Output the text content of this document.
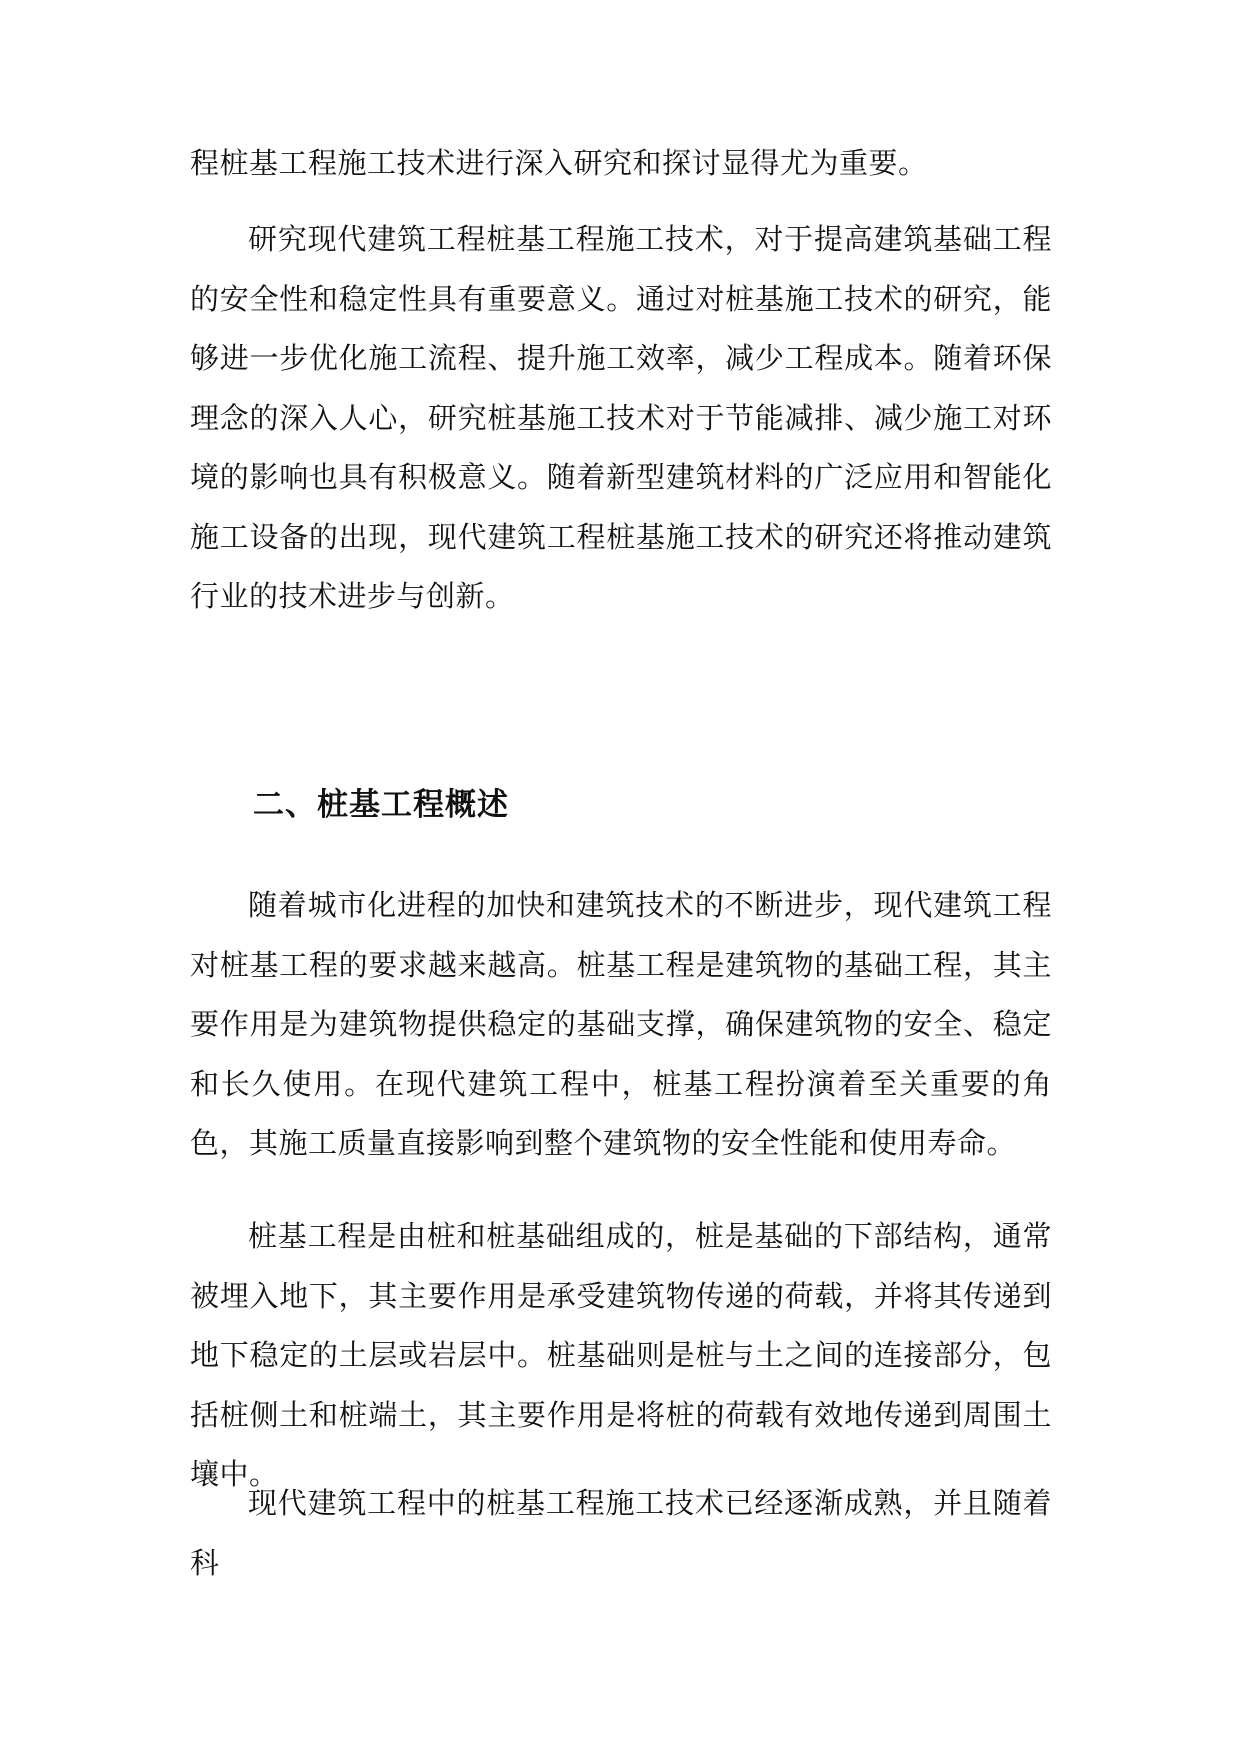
程桩基工程施工技术进行深入研究和探讨显得尤为重要。

研究现代建筑工程桩基工程施工技术，对于提高建筑基础工程的安全性和稳定性具有重要意义。通过对桩基施工技术的研究，能够进一步优化施工流程、提升施工效率，减少工程成本。随着环保理念的深入人心，研究桩基施工技术对于节能减排、减少施工对环境的影响也具有积极意义。随着新型建筑材料的广泛应用和智能化施工设备的出现，现代建筑工程桩基施工技术的研究还将推动建筑行业的技术进步与创新。

二、桩基工程概述

随着城市化进程的加快和建筑技术的不断进步，现代建筑工程对桩基工程的要求越来越高。桩基工程是建筑物的基础工程，其主要作用是为建筑物提供稳定的基础支撑，确保建筑物的安全、稳定和长久使用。在现代建筑工程中，桩基工程扮演着至关重要的角色，其施工质量直接影响到整个建筑物的安全性能和使用寿命。

桩基工程是由桩和桩基础组成的，桩是基础的下部结构，通常被埋入地下，其主要作用是承受建筑物传递的荷载，并将其传递到地下稳定的土层或岩层中。桩基础则是桩与土之间的连接部分，包括桩侧土和桩端土，其主要作用是将桩的荷载有效地传递到周围土壤中。

现代建筑工程中的桩基工程施工技术已经逐渐成熟，并且随着科
